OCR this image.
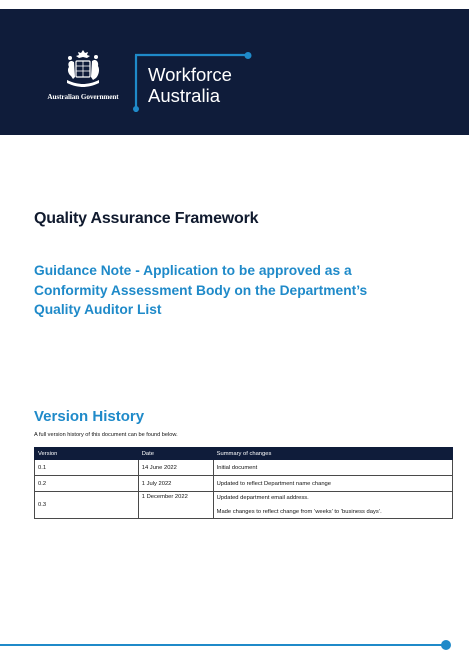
Australian Government
Workforce
Australia
Quality Assurance Framework
Guidance Note - Application to be approved as a
Conformity Assessment Body on the Department’s
Quality Auditor List
Version History

A full version history of this document can be found below.

Version	Date	Summary of changes
0.1	14 June 2022	Initial document
0.2	1 July 2022	Updated to reflect Department name change
0.3	1 December 2022	Updated department email address.

Made changes to reflect change from ‘weeks’ to ‘business days’.
